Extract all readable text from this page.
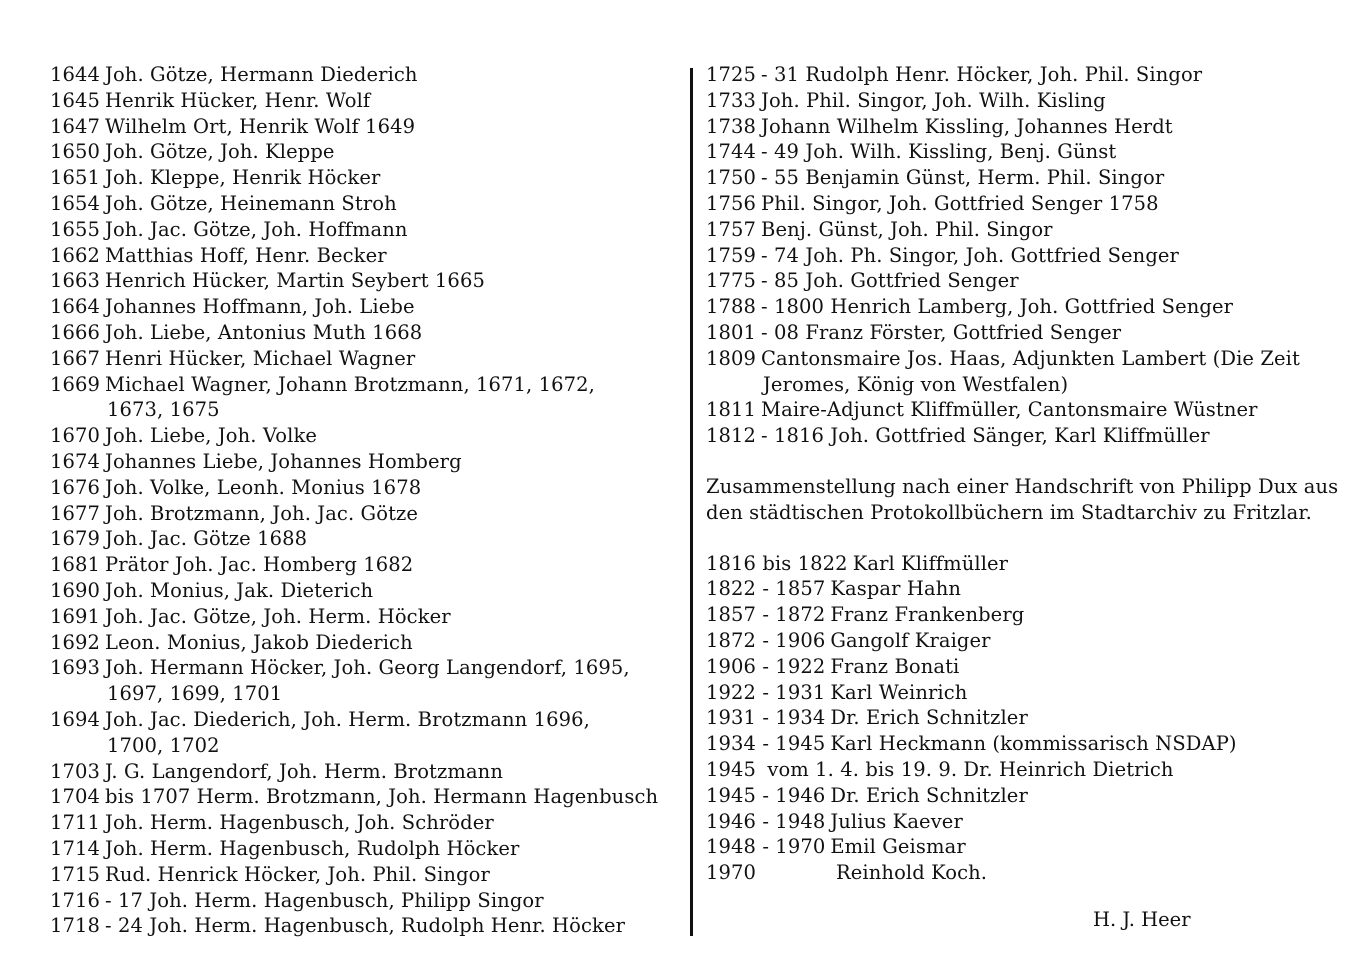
1644 Joh. Götze, Hermann Diederich
1645 Henrik Hücker, Henr. Wolf
1647 Wilhelm Ort, Henrik Wolf 1649
1650 Joh. Götze, Joh. Kleppe
1651 Joh. Kleppe, Henrik Höcker
1654 Joh. Götze, Heinemann Stroh
1655 Joh. Jac. Götze, Joh. Hoffmann
1662 Matthias Hoff, Henr. Becker
1663 Henrich Hücker, Martin Seybert 1665
1664 Johannes Hoffmann, Joh. Liebe
1666 Joh. Liebe, Antonius Muth 1668
1667 Henri Hücker, Michael Wagner
1669 Michael Wagner, Johann Brotzmann, 1671, 1672,
1673, 1675
1670 Joh. Liebe, Joh. Volke
1674 Johannes Liebe, Johannes Homberg
1676 Joh. Volke, Leonh. Monius 1678
1677 Joh. Brotzmann, Joh. Jac. Götze
1679 Joh. Jac. Götze 1688
1681 Prätor Joh. Jac. Homberg 1682
1690 Joh. Monius, Jak. Dieterich
1691 Joh. Jac. Götze, Joh. Herm. Höcker
1692 Leon. Monius, Jakob Diederich
1693 Joh. Hermann Höcker, Joh. Georg Langendorf, 1695,
1697, 1699, 1701
1694 Joh. Jac. Diederich, Joh. Herm. Brotzmann 1696,
1700, 1702
1703 J. G. Langendorf, Joh. Herm. Brotzmann
1704 bis 1707 Herm. Brotzmann, Joh. Hermann Hagenbusch
1711 Joh. Herm. Hagenbusch, Joh. Schröder
1714 Joh. Herm. Hagenbusch, Rudolph Höcker
1715 Rud. Henrick Höcker, Joh. Phil. Singor
1716 - 17 Joh. Herm. Hagenbusch, Philipp Singor
1718 - 24 Joh. Herm. Hagenbusch, Rudolph Henr. Höcker
1725 - 31 Rudolph Henr. Höcker, Joh. Phil. Singor
1733 Joh. Phil. Singor, Joh. Wilh. Kisling
1738 Johann Wilhelm Kissling, Johannes Herdt
1744 - 49 Joh. Wilh. Kissling, Benj. Günst
1750 - 55 Benjamin Günst, Herm. Phil. Singor
1756 Phil. Singor, Joh. Gottfried Senger 1758
1757 Benj. Günst, Joh. Phil. Singor
1759 - 74 Joh. Ph. Singor, Joh. Gottfried Senger
1775 - 85 Joh. Gottfried Senger
1788 - 1800 Henrich Lamberg, Joh. Gottfried Senger
1801 - 08 Franz Förster, Gottfried Senger
1809 Cantonsmaire Jos. Haas, Adjunkten Lambert (Die Zeit
Jeromes, König von Westfalen)
1811 Maire-Adjunct Kliffmüller, Cantonsmaire Wüstner
1812 - 1816 Joh. Gottfried Sänger, Karl Kliffmüller
Zusammenstellung nach einer Handschrift von Philipp Dux aus
den städtischen Protokollbüchern im Stadtarchiv zu Fritzlar.
1816 bis 1822 Karl Kliffmüller
1822 - 1857 Kaspar Hahn
1857 - 1872 Franz Frankenberg
1872 - 1906 Gangolf Kraiger
1906 - 1922 Franz Bonati
1922 - 1931 Karl Weinrich
1931 - 1934 Dr. Erich Schnitzler
1934 - 1945 Karl Heckmann (kommissarisch NSDAP)
1945 vom 1. 4. bis 19. 9. Dr. Heinrich Dietrich
1945 - 1946 Dr. Erich Schnitzler
1946 - 1948 Julius Kaever
1948 - 1970 Emil Geismar
1970	Reinhold Koch.
H. J. Heer
